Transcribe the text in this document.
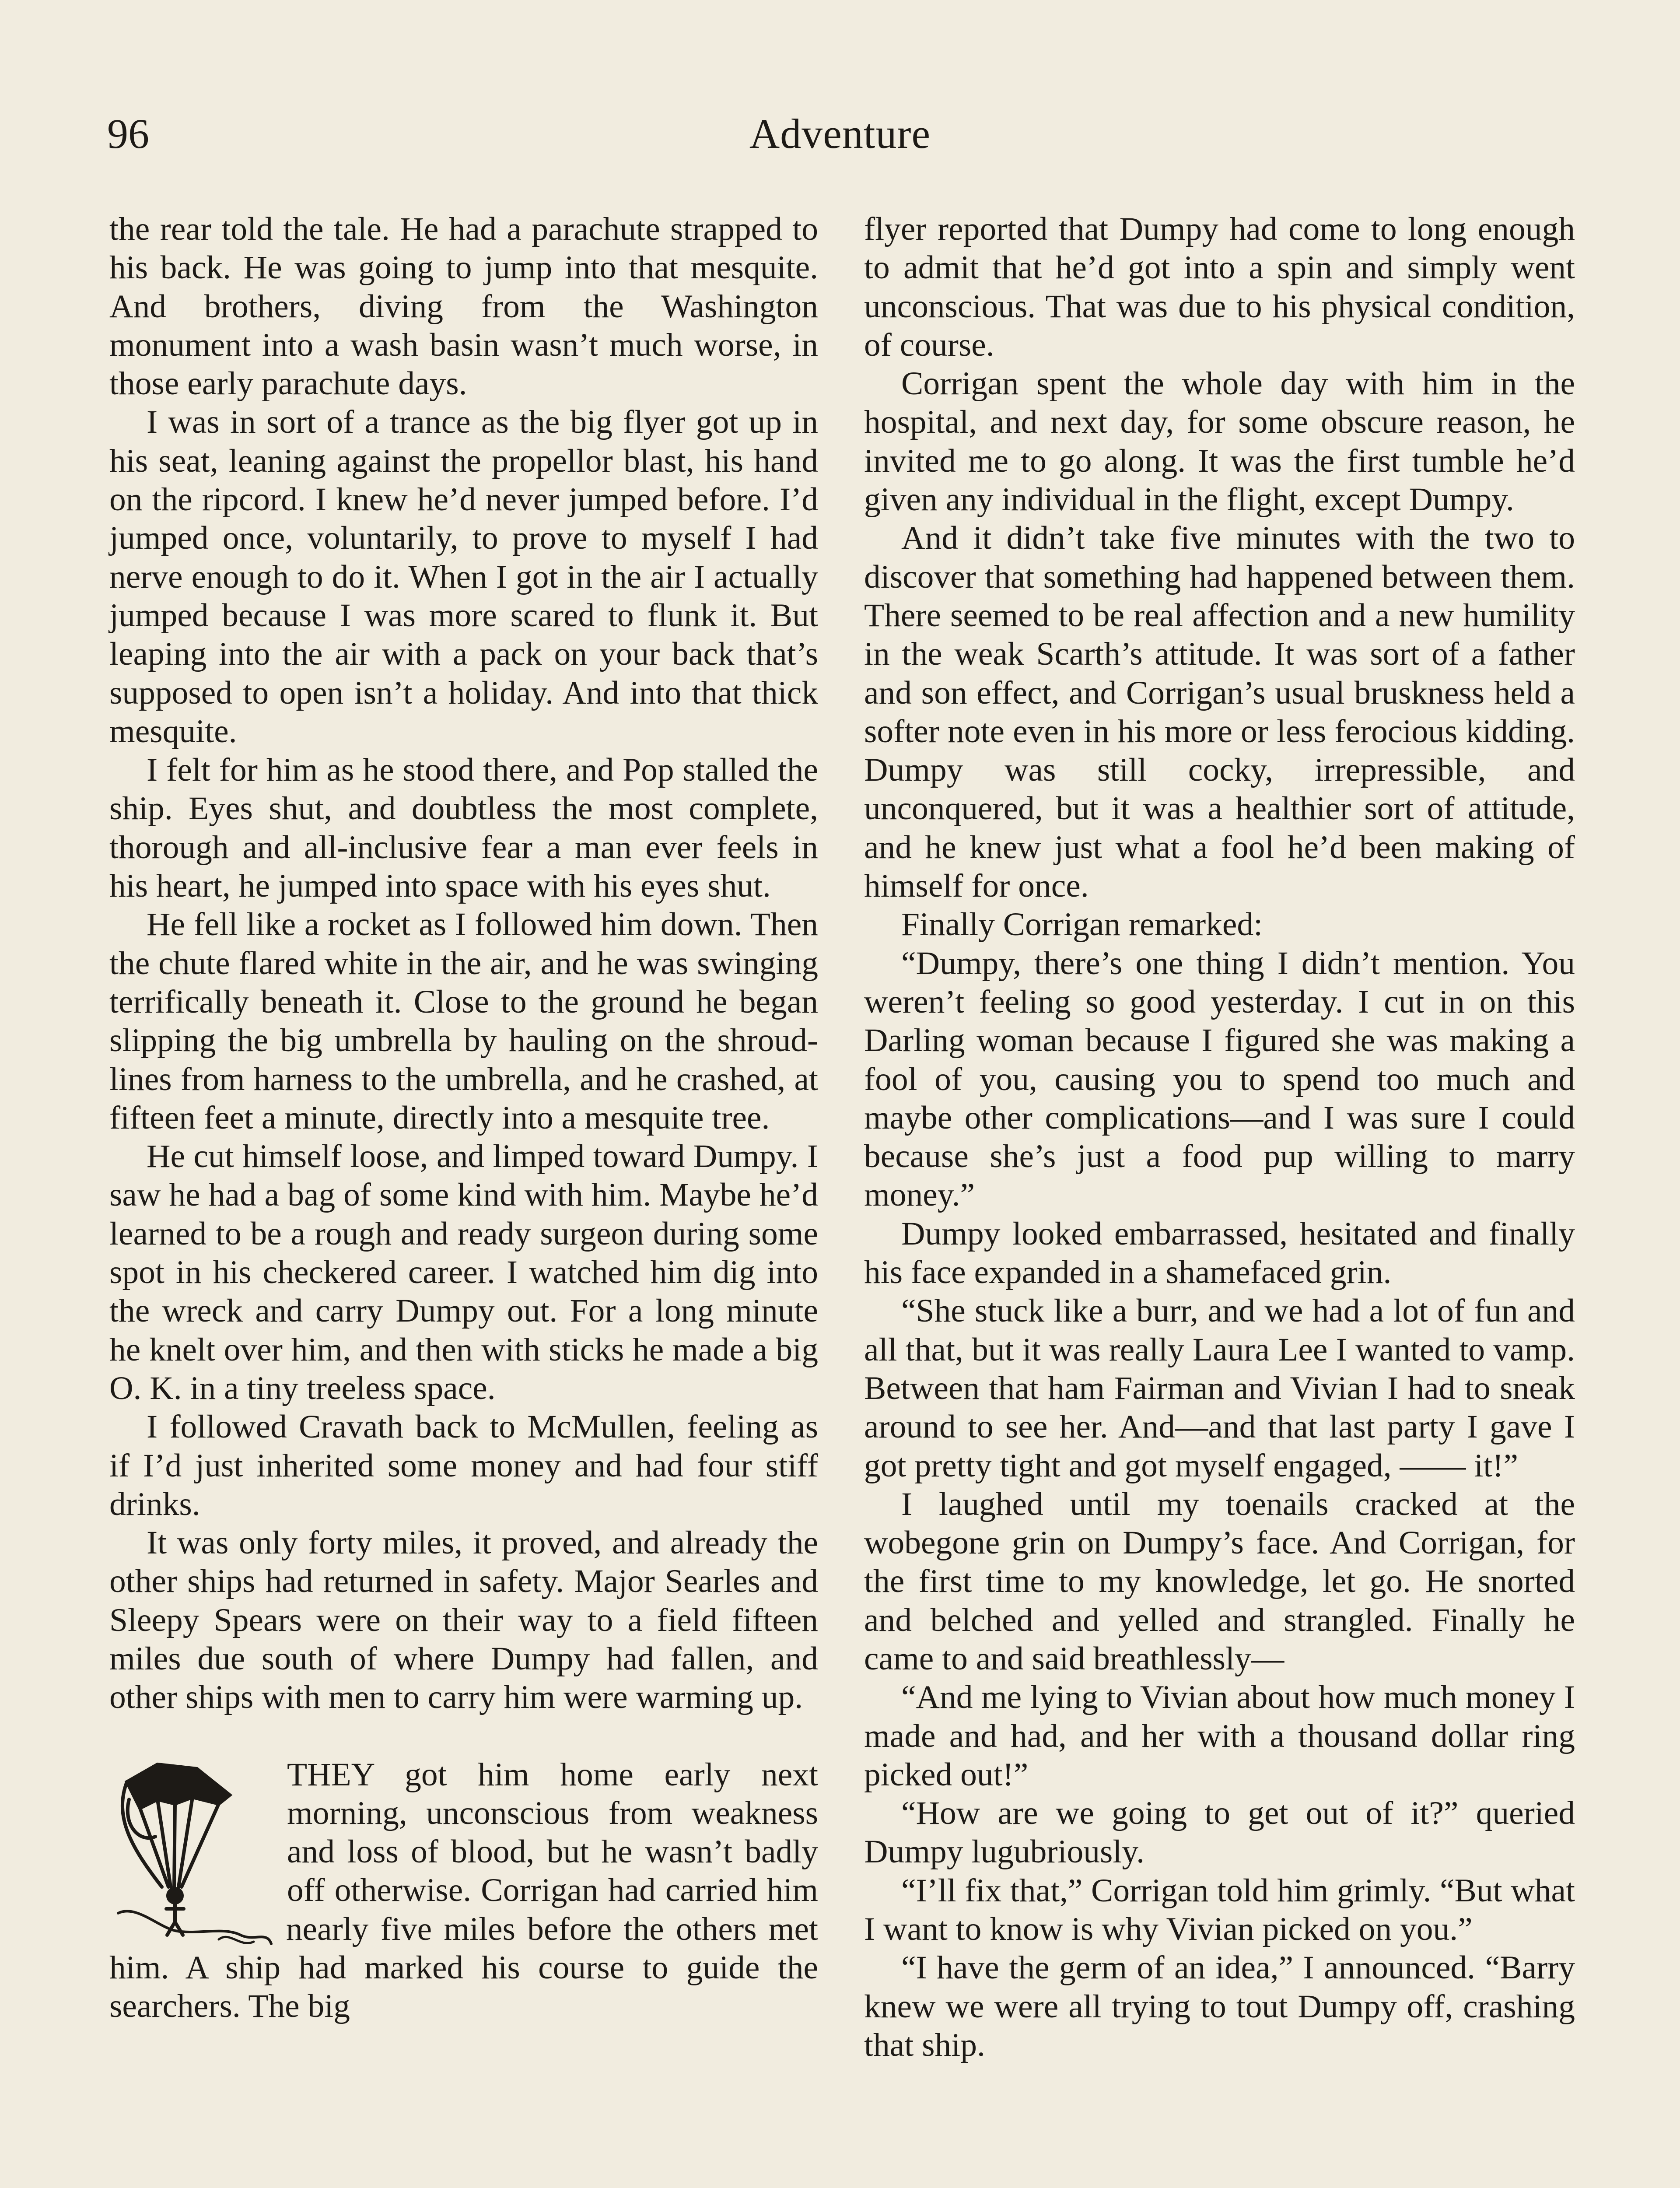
96	Adventure

the rear told the tale. He had a parachute strapped to his back. He was going to jump into that mesquite. And brothers, diving from the Washington monument into a wash basin wasn’t much worse, in those early parachute days.

I was in sort of a trance as the big flyer got up in his seat, leaning against the propellor blast, his hand on the ripcord. I knew he’d never jumped before. I’d jumped once, voluntarily, to prove to myself I had nerve enough to do it. When I got in the air I actually jumped because I was more scared to flunk it. But leaping into the air with a pack on your back that’s supposed to open isn’t a holiday. And into that thick mesquite.

I felt for him as he stood there, and Pop stalled the ship. Eyes shut, and doubtless the most complete, thorough and all-inclusive fear a man ever feels in his heart, he jumped into space with his eyes shut.

He fell like a rocket as I followed him down. Then the chute flared white in the air, and he was swinging terrifically beneath it. Close to the ground he began slipping the big umbrella by hauling on the shroudlines from harness to the umbrella, and he crashed, at fifteen feet a minute, directly into a mesquite tree.

He cut himself loose, and limped toward Dumpy. I saw he had a bag of some kind with him. Maybe he’d learned to be a rough and ready surgeon during some spot in his checkered career. I watched him dig into the wreck and carry Dumpy out. For a long minute he knelt over him, and then with sticks he made a big O. K. in a tiny treeless space.

I followed Cravath back to McMullen, feeling as if I’d just inherited some money and had four stiff drinks.

It was only forty miles, it proved, and already the other ships had returned in safety. Major Searles and Sleepy Spears were on their way to a field fifteen miles due south of where Dumpy had fallen, and other ships with men to carry him were warming up.

THEY got him home early next morning, unconscious from weakness and loss of blood, but he wasn’t badly off otherwise. Corrigan had carried him nearly five miles before the others met him. A ship had marked his course to guide the searchers. The big

flyer reported that Dumpy had come to long enough to admit that he’d got into a spin and simply went unconscious. That was due to his physical condition, of course.

Corrigan spent the whole day with him in the hospital, and next day, for some obscure reason, he invited me to go along. It was the first tumble he’d given any individual in the flight, except Dumpy.

And it didn’t take five minutes with the two to discover that something had happened between them. There seemed to be real affection and a new humility in the weak Scarth’s attitude. It was sort of a father and son effect, and Corrigan’s usual bruskness held a softer note even in his more or less ferocious kidding. Dumpy was still cocky, irrepressible, and unconquered, but it was a healthier sort of attitude, and he knew just what a fool he’d been making of himself for once.

Finally Corrigan remarked:

“Dumpy, there’s one thing I didn’t mention. You weren’t feeling so good yesterday. I cut in on this Darling woman because I figured she was making a fool of you, causing you to spend too much and maybe other complications—and I was sure I could because she’s just a food pup willing to marry money.”

Dumpy looked embarrassed, hesitated and finally his face expanded in a shamefaced grin.

“She stuck like a burr, and we had a lot of fun and all that, but it was really Laura Lee I wanted to vamp. Between that ham Fairman and Vivian I had to sneak around to see her. And—and that last party I gave I got pretty tight and got myself engaged, —— it!”

I laughed until my toenails cracked at the wobegone grin on Dumpy’s face. And Corrigan, for the first time to my knowledge, let go. He snorted and belched and yelled and strangled. Finally he came to and said breathlessly—

“And me lying to Vivian about how much money I made and had, and her with a thousand dollar ring picked out!”

“How are we going to get out of it?” queried Dumpy lugubriously.

“I’ll fix that,” Corrigan told him grimly. “But what I want to know is why Vivian picked on you.”

“I have the germ of an idea,” I announced. “Barry knew we were all trying to tout Dumpy off, crashing that ship.
